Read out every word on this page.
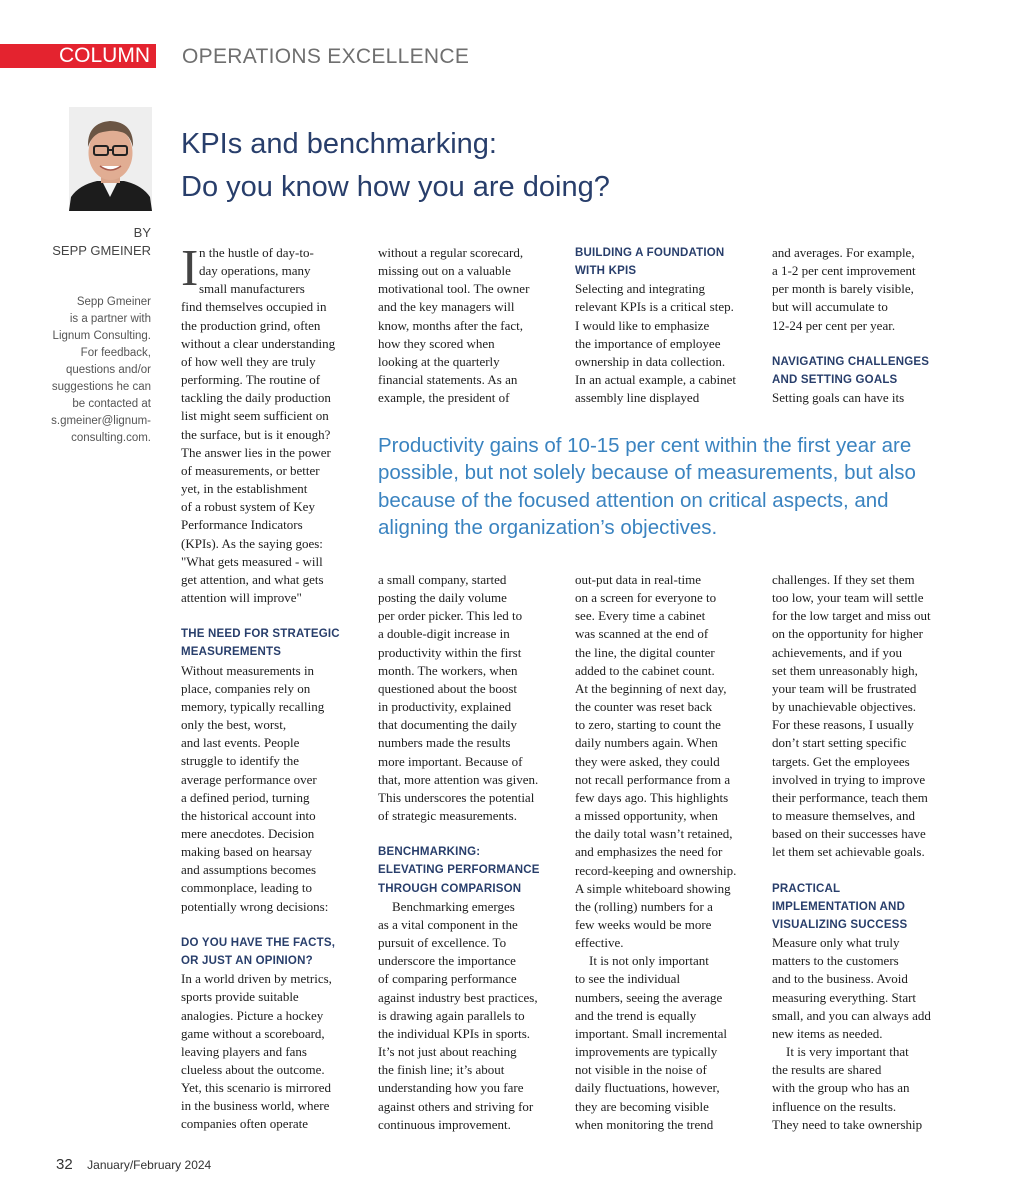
COLUMN OPERATIONS EXCELLENCE
KPIs and benchmarking:
Do you know how you are doing?
BY
SEPP GMEINER
Sepp Gmeiner
is a partner with
Lignum Consulting.
For feedback,
questions and/or
suggestions he can
be contacted at
s.gmeiner@lignum-
consulting.com.
I n the hustle of day-to-
day operations, many
small manufacturers
find themselves occupied in
the production grind, often
without a clear understanding
of how well they are truly
performing. The routine of
tackling the daily production
list might seem sufficient on
the surface, but is it enough?
The answer lies in the power
of measurements, or better
yet, in the establishment
of a robust system of Key
Performance Indicators
(KPIs). As the saying goes:
"What gets measured - will
get attention, and what gets
attention will improve"
THE NEED FOR STRATEGIC
MEASUREMENTS
Without measurements in
place, companies rely on
memory, typically recalling
only the best, worst,
and last events. People
struggle to identify the
average performance over
a defined period, turning
the historical account into
mere anecdotes. Decision
making based on hearsay
and assumptions becomes
commonplace, leading to
potentially wrong decisions:
DO YOU HAVE THE FACTS,
OR JUST AN OPINION?
In a world driven by metrics,
sports provide suitable
analogies. Picture a hockey
game without a scoreboard,
leaving players and fans
clueless about the outcome.
Yet, this scenario is mirrored
in the business world, where
companies often operate
without a regular scorecard,
missing out on a valuable
motivational tool. The owner
and the key managers will
know, months after the fact,
how they scored when
looking at the quarterly
financial statements. As an
example, the president of
BUILDING A FOUNDATION
WITH KPIS
Selecting and integrating
relevant KPIs is a critical step.
I would like to emphasize
the importance of employee
ownership in data collection.
In an actual example, a cabinet
assembly line displayed
and averages. For example,
a 1-2 per cent improvement
per month is barely visible,
but will accumulate to
12-24 per cent per year.
NAVIGATING CHALLENGES
AND SETTING GOALS
Setting goals can have its
Productivity gains of 10-15 per cent within the first year are
possible, but not solely because of measurements, but also
because of the focused attention on critical aspects, and
aligning the organization’s objectives.
a small company, started
posting the daily volume
per order picker. This led to
a double-digit increase in
productivity within the first
month. The workers, when
questioned about the boost
in productivity, explained
that documenting the daily
numbers made the results
more important. Because of
that, more attention was given.
This underscores the potential
of strategic measurements.
BENCHMARKING:
ELEVATING PERFORMANCE
THROUGH COMPARISON
Benchmarking emerges
as a vital component in the
pursuit of excellence. To
underscore the importance
of comparing performance
against industry best practices,
is drawing again parallels to
the individual KPIs in sports.
It’s not just about reaching
the finish line; it’s about
understanding how you fare
against others and striving for
continuous improvement.
out-put data in real-time
on a screen for everyone to
see. Every time a cabinet
was scanned at the end of
the line, the digital counter
added to the cabinet count.
At the beginning of next day,
the counter was reset back
to zero, starting to count the
daily numbers again. When
they were asked, they could
not recall performance from a
few days ago. This highlights
a missed opportunity, when
the daily total wasn’t retained,
and emphasizes the need for
record-keeping and ownership.
A simple whiteboard showing
the (rolling) numbers for a
few weeks would be more
effective.
It is not only important
to see the individual
numbers, seeing the average
and the trend is equally
important. Small incremental
improvements are typically
not visible in the noise of
daily fluctuations, however,
they are becoming visible
when monitoring the trend
challenges. If they set them
too low, your team will settle
for the low target and miss out
on the opportunity for higher
achievements, and if you
set them unreasonably high,
your team will be frustrated
by unachievable objectives.
For these reasons, I usually
don’t start setting specific
targets. Get the employees
involved in trying to improve
their performance, teach them
to measure themselves, and
based on their successes have
let them set achievable goals.
PRACTICAL
IMPLEMENTATION AND
VISUALIZING SUCCESS
Measure only what truly
matters to the customers
and to the business. Avoid
measuring everything. Start
small, and you can always add
new items as needed.
It is very important that
the results are shared
with the group who has an
influence on the results.
They need to take ownership
32 January/February 2024
